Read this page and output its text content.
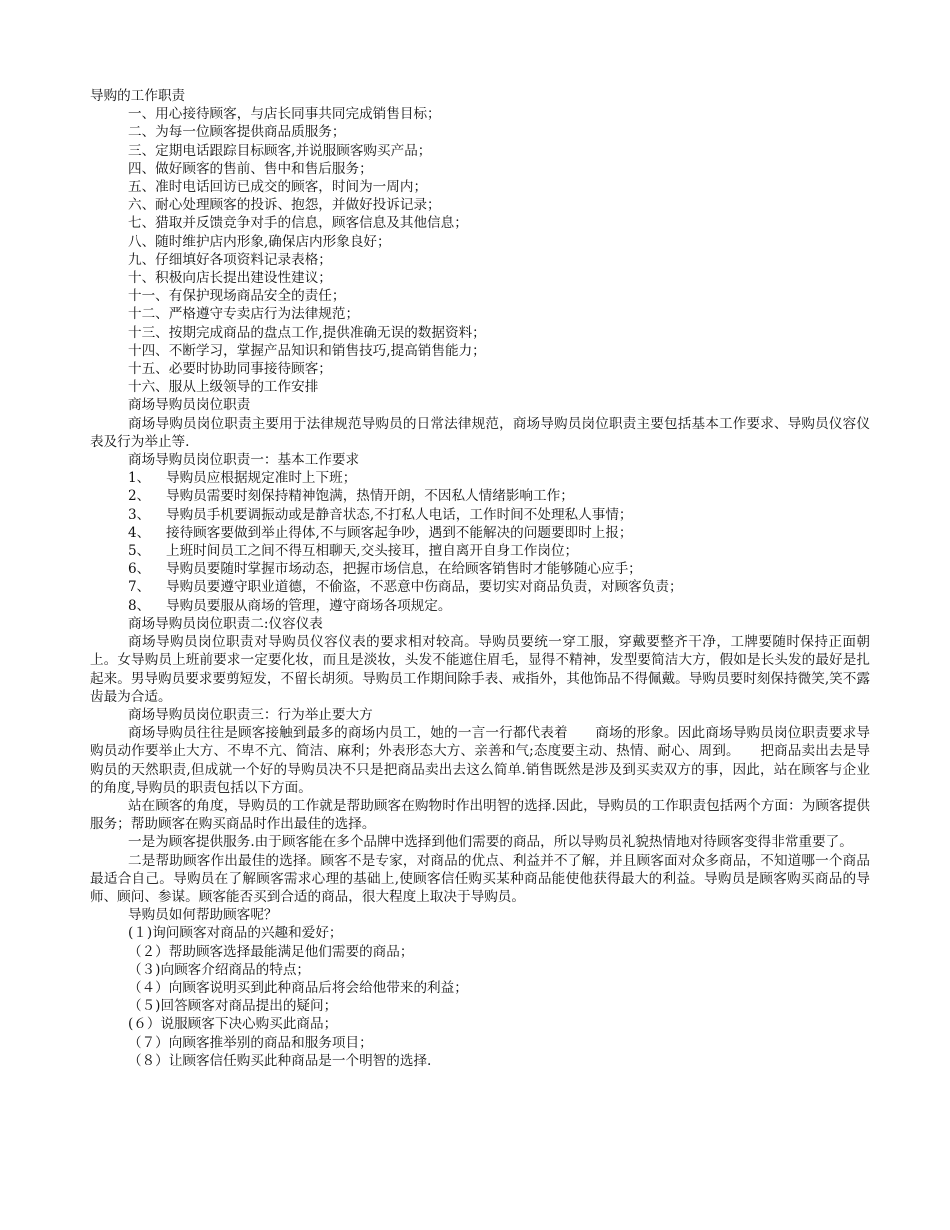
导购的工作职责
一、用心接待顾客，与店长同事共同完成销售目标；
二、为每一位顾客提供商品质服务；
三、定期电话跟踪目标顾客,并说服顾客购买产品；
四、做好顾客的售前、售中和售后服务；
五、准时电话回访已成交的顾客，时间为一周内；
六、耐心处理顾客的投诉、抱怨，并做好投诉记录；
七、猎取并反馈竞争对手的信息，顾客信息及其他信息；
八、随时维护店内形象,确保店内形象良好；
九、仔细填好各项资料记录表格；
十、积极向店长提出建设性建议；
十一、有保护现场商品安全的责任；
十二、严格遵守专卖店行为法律规范；
十三、按期完成商品的盘点工作,提供准确无误的数据资料；
十四、不断学习，掌握产品知识和销售技巧,提高销售能力；
十五、必要时协助同事接待顾客；
十六、服从上级领导的工作安排
商场导购员岗位职责
商场导购员岗位职责主要用于法律规范导购员的日常法律规范，商场导购员岗位职责主要包括基本工作要求、导购员仪容仪表及行为举止等.
商场导购员岗位职责一：基本工作要求
1、 导购员应根据规定准时上下班；
2、 导购员需要时刻保持精神饱满，热情开朗，不因私人情绪影响工作；
3、 导购员手机要调振动或是静音状态,不打私人电话，工作时间不处理私人事情；
4、 接待顾客要做到举止得体,不与顾客起争吵，遇到不能解决的问题要即时上报；
5、 上班时间员工之间不得互相聊天,交头接耳，擅自离开自身工作岗位；
6、 导购员要随时掌握市场动态，把握市场信息，在给顾客销售时才能够随心应手；
7、 导购员要遵守职业道德，不偷盗，不恶意中伤商品，要切实对商品负责，对顾客负责；
8、 导购员要服从商场的管理，遵守商场各项规定。
商场导购员岗位职责二:仪容仪表
商场导购员岗位职责对导购员仪容仪表的要求相对较高。导购员要统一穿工服，穿戴要整齐干净，工牌要随时保持正面朝上。女导购员上班前要求一定要化妆，而且是淡妆，头发不能遮住眉毛，显得不精神，发型要简洁大方，假如是长头发的最好是扎起来。男导购员要求要剪短发，不留长胡须。导购员工作期间除手表、戒指外，其他饰品不得佩戴。导购员要时刻保持微笑,笑不露齿最为合适。
商场导购员岗位职责三：行为举止要大方
商场导购员往往是顾客接触到最多的商场内员工，她的一言一行都代表着　　商场的形象。因此商场导购员岗位职责要求导购员动作要举止大方、不卑不亢、简洁、麻利；外表形态大方、亲善和气;态度要主动、热情、耐心、周到。　　把商品卖出去是导购员的天然职责,但成就一个好的导购员决不只是把商品卖出去这么简单.销售既然是涉及到买卖双方的事，因此，站在顾客与企业的角度,导购员的职责包括以下方面。
站在顾客的角度，导购员的工作就是帮助顾客在购物时作出明智的选择.因此，导购员的工作职责包括两个方面：为顾客提供服务；帮助顾客在购买商品时作出最佳的选择。
一是为顾客提供服务.由于顾客能在多个品牌中选择到他们需要的商品，所以导购员礼貌热情地对待顾客变得非常重要了。
二是帮助顾客作出最佳的选择。顾客不是专家，对商品的优点、利益并不了解，并且顾客面对众多商品，不知道哪一个商品最适合自己。导购员在了解顾客需求心理的基础上,使顾客信任购买某种商品能使他获得最大的利益。导购员是顾客购买商品的导师、顾问、参谋。顾客能否买到合适的商品，很大程度上取决于导购员。
导购员如何帮助顾客呢？
(１)询问顾客对商品的兴趣和爱好；
（２）帮助顾客选择最能满足他们需要的商品；
（３)向顾客介绍商品的特点；
（４）向顾客说明买到此种商品后将会给他带来的利益；
（５)回答顾客对商品提出的疑问；
(６）说服顾客下决心购买此商品；
（７）向顾客推举别的商品和服务项目；
（８）让顾客信任购买此种商品是一个明智的选择.
